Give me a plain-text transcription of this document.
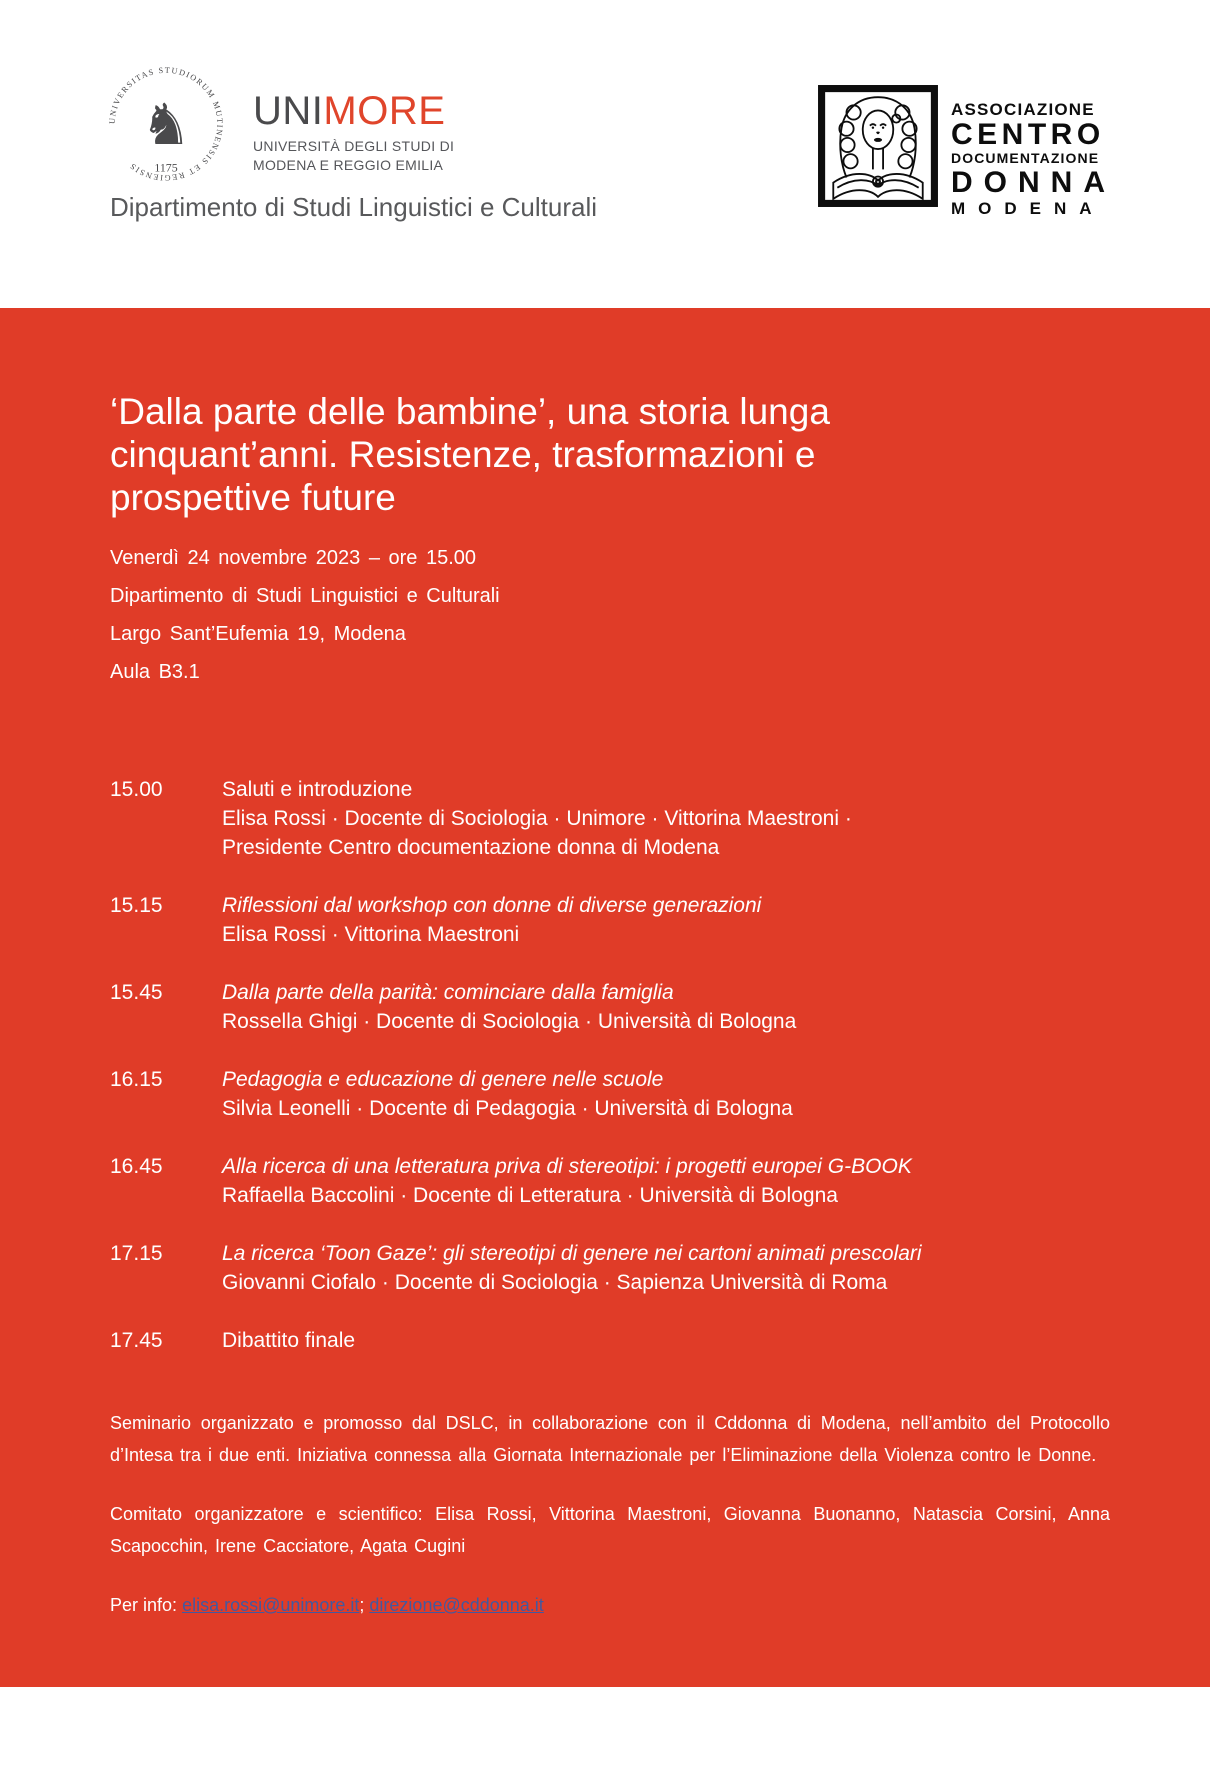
UNIVERSITAS STUDIORUM MUTINENSIS ET REGIENSIS
♞
1175
UNIMORE
UNIVERSITÀ DEGLI STUDI DI
MODENA E REGGIO EMILIA
ASSOCIAZIONE
CENTRO
DOCUMENTAZIONE
DONNA
MODENA
Dipartimento di Studi Linguistici e Culturali
‘Dalla parte delle bambine’, una storia lunga
cinquant’anni. Resistenze, trasformazioni e
prospettive future
Venerdì 24 novembre 2023 – ore 15.00
Dipartimento di Studi Linguistici e Culturali
Largo Sant’Eufemia 19, Modena
Aula B3.1
15.00	Saluti e introduzione
Elisa Rossi · Docente di Sociologia · Unimore · Vittorina Maestroni ·
Presidente Centro documentazione donna di Modena
15.15	Riflessioni dal workshop con donne di diverse generazioni
Elisa Rossi · Vittorina Maestroni
15.45	Dalla parte della parità: cominciare dalla famiglia
Rossella Ghigi · Docente di Sociologia · Università di Bologna
16.15	Pedagogia e educazione di genere nelle scuole
Silvia Leonelli · Docente di Pedagogia · Università di Bologna
16.45	Alla ricerca di una letteratura priva di stereotipi: i progetti europei G-BOOK
Raffaella Baccolini · Docente di Letteratura · Università di Bologna
17.15	La ricerca ‘Toon Gaze’: gli stereotipi di genere nei cartoni animati prescolari
Giovanni Ciofalo · Docente di Sociologia · Sapienza Università di Roma
17.45	Dibattito finale

Seminario organizzato e promosso dal DSLC, in collaborazione con il Cddonna di Modena, nell’ambito del Protocollo d’Intesa tra i due enti. Iniziativa connessa alla Giornata Internazionale per l’Eliminazione della Violenza contro le Donne.

Comitato organizzatore e scientifico: Elisa Rossi, Vittorina Maestroni, Giovanna Buonanno, Natascia Corsini, Anna Scapocchin, Irene Cacciatore, Agata Cugini

Per info: elisa.rossi@unimore.it; direzione@cddonna.it
